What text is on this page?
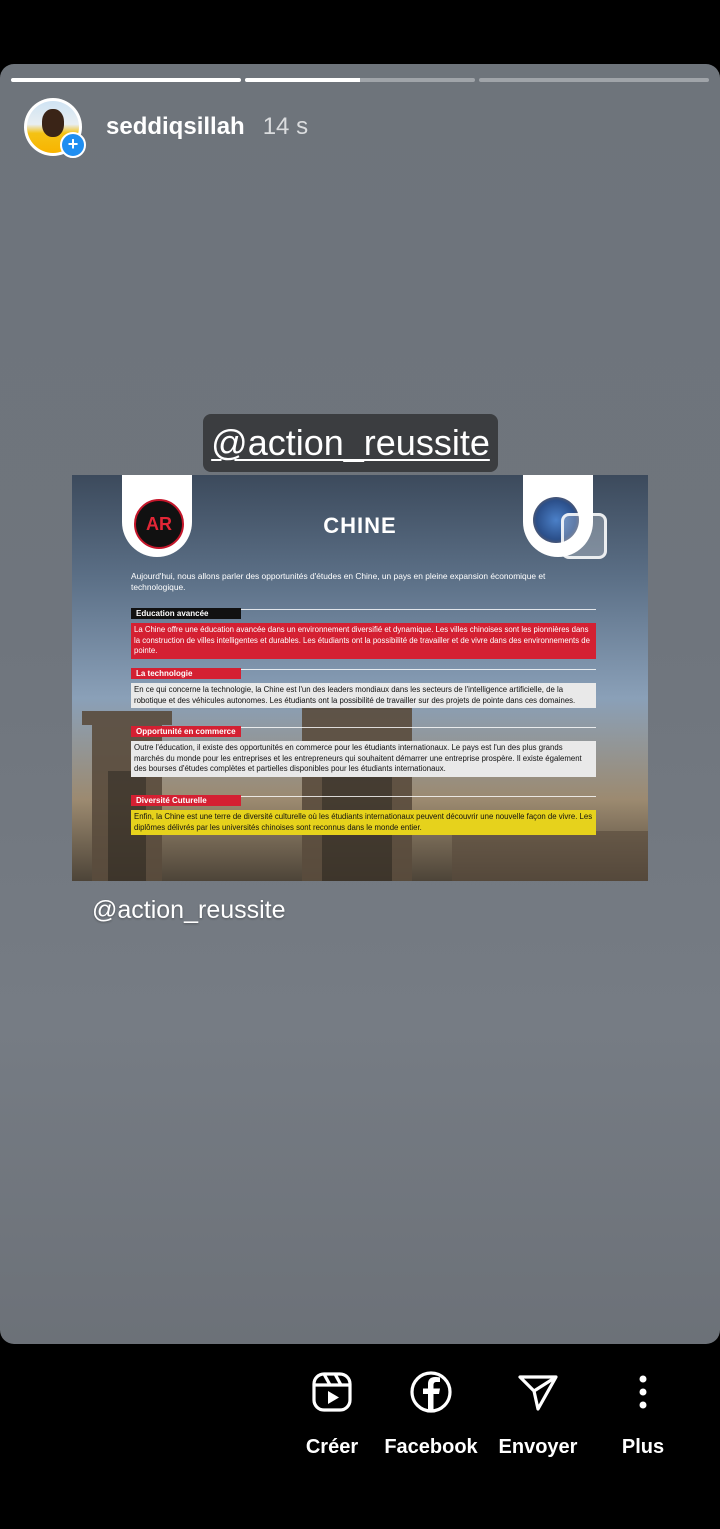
+
seddiqsillah 14 s
@action_reussite
AR	CHINE
Aujourd'hui, nous allons parler des opportunités d'études en Chine, un pays en pleine expansion économique et technologique.
Education avancée
La Chine offre une éducation avancée dans un environnement diversifié et dynamique. Les villes chinoises sont les pionnières dans la construction de villes intelligentes et durables. Les étudiants ont la possibilité de travailler et de vivre dans des environnements de pointe.
La technologie
En ce qui concerne la technologie, la Chine est l'un des leaders mondiaux dans les secteurs de l'intelligence artificielle, de la robotique et des véhicules autonomes. Les étudiants ont la possibilité de travailler sur des projets de pointe dans ces domaines.
Opportunité en commerce
Outre l'éducation, il existe des opportunités en commerce pour les étudiants internationaux. Le pays est l'un des plus grands marchés du monde pour les entreprises et les entrepreneurs qui souhaitent démarrer une entreprise prospère. Il existe également des bourses d'études complètes et partielles disponibles pour les étudiants internationaux.
Diversité Cuturelle
Enfin, la Chine est une terre de diversité culturelle où les étudiants internationaux peuvent découvrir une nouvelle façon de vivre. Les diplômes délivrés par les universités chinoises sont reconnus dans le monde entier.
@action_reussite
Créer	Facebook	Envoyer	Plus
